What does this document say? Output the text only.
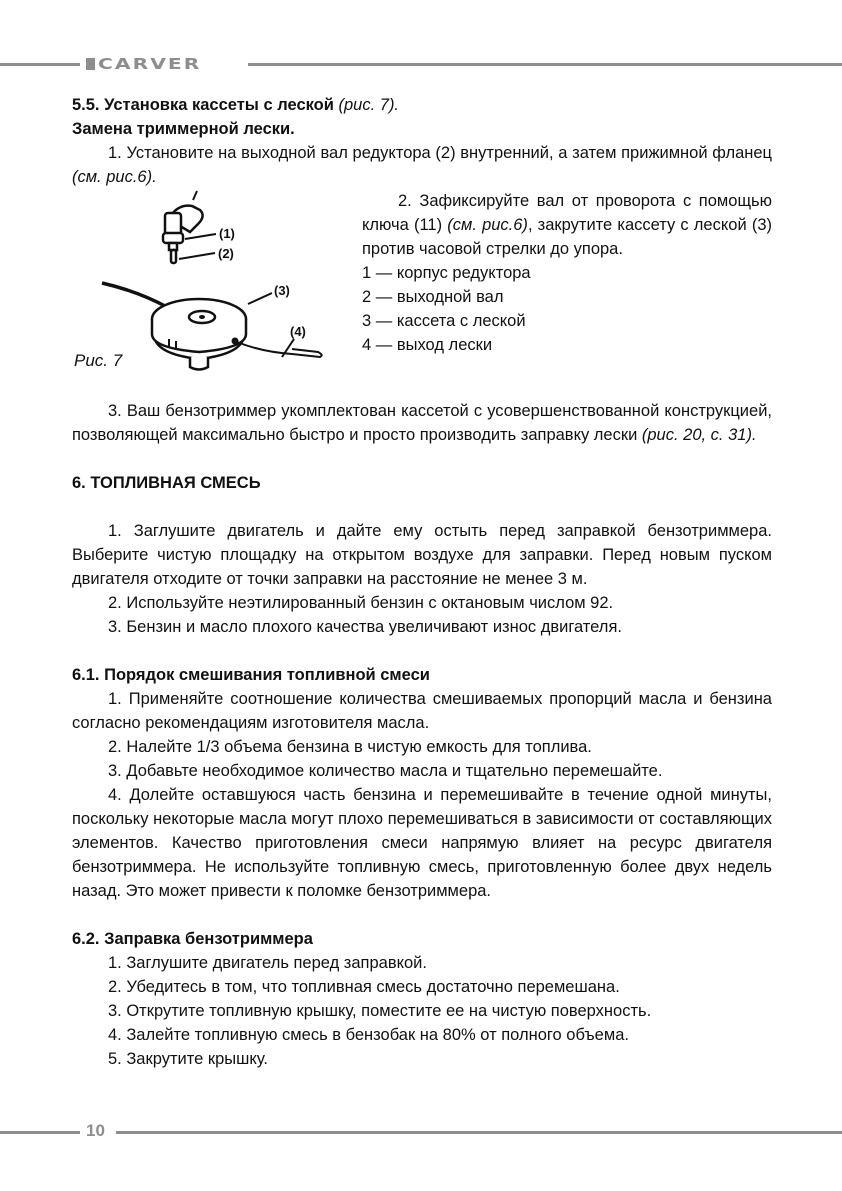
CARVER

5.5. Установка кассеты с леской (рис. 7).

Замена триммерной лески.

1. Установите на выходной вал редуктора (2) внутренний, а затем прижимной фланец (см. рис.6).

(1)
(2)
(3)
(4)
Рис. 7

2. Зафиксируйте вал от проворота с помощью ключа (11) (см. рис.6), закрутите кассету с леской (3) против часовой стрелки до упора.

1 — корпус редуктора

2 — выходной вал

3 — кассета с леской

4 — выход лески

3. Ваш бензотриммер укомплектован кассетой с усовершенствованной конструкцией, позволяющей максимально быстро и просто производить заправку лески (рис. 20, с. 31).

6. ТОПЛИВНАЯ СМЕСЬ

1. Заглушите двигатель и дайте ему остыть перед заправкой бензотриммера. Выберите чистую площадку на открытом воздухе для заправки. Перед новым пуском двигателя отходите от точки заправки на расстояние не менее 3 м.

2. Используйте неэтилированный бензин с октановым числом 92.

3. Бензин и масло плохого качества увеличивают износ двигателя.

6.1. Порядок смешивания топливной смеси

1. Применяйте соотношение количества смешиваемых пропорций масла и бензина согласно рекомендациям изготовителя масла.

2. Налейте 1/3 объема бензина в чистую емкость для топлива.

3. Добавьте необходимое количество масла и тщательно перемешайте.

4. Долейте оставшуюся часть бензина и перемешивайте в течение одной минуты, поскольку некоторые масла могут плохо перемешиваться в зависимости от составляющих элементов. Качество приготовления смеси напрямую влияет на ресурс двигателя бензотриммера. Не используйте топливную смесь, приготовленную более двух недель назад. Это может привести к поломке бензотриммера.

6.2. Заправка бензотриммера

1. Заглушите двигатель перед заправкой.

2. Убедитесь в том, что топливная смесь достаточно перемешана.

3. Открутите топливную крышку, поместите ее на чистую поверхность.

4. Залейте топливную смесь в бензобак на 80% от полного объема.

5. Закрутите крышку.

10
